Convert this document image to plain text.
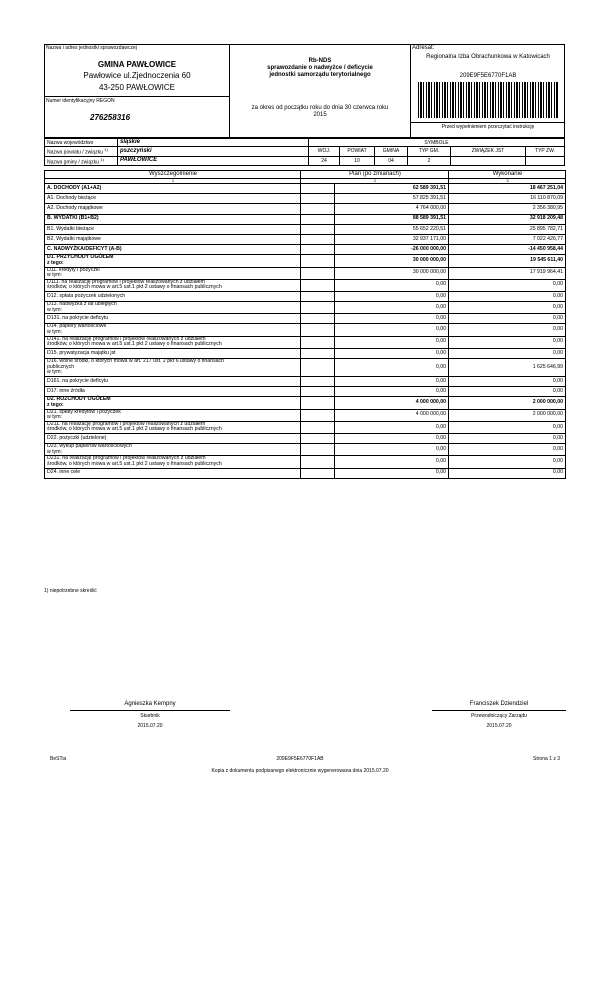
Nazwa i adres jednostki sprawozdawczej
GMINA PAWŁOWICE
Pawłowice ul.Zjednoczenia 60
43-250 PAWŁOWICE
Numer identyfikacyjny REGON
276258316
Rb-NDS
sprawozdanie o nadwyżce / deficycie
jednostki samorządu terytorialnego
za okres od początku roku do dnia 30 czerwca roku
2015
Adresat:
Regionalna Izba Obrachunkowa w Katowicach
209E9F5E6770F1AB
Przed wypełnieniem przeczytać instrukcję
Nazwa województwo	śląskie	SYMBOLE					
Nazwa powiatu / związku $^{1)}$	pszczyński	WOJ.	POWIAT	GMINA	TYP GM.	ZWIĄZEK JST	TYP ZW.
Nazwa gminy / związku $^{1)}$	PAWŁOWICE	24	10	04	2		
Wyszczególnienie	Plan (po zmianach)		Wykonanie
1	2		3

A. DOCHODY (A1+A2)		62 589 391,51	18 467 251,04

A1. Dochody bieżące		57 825 391,51	16 110 870,09

A2. Dochody majątkowe		4 764 000,00	2 356 380,95

B. WYDATKI (B1+B2)		88 589 391,51	32 918 209,48

B1. Wydatki bieżące		55 652 220,51	25 895 782,71

B2. Wydatki majątkowe		32 937 171,00	7 022 426,77

C. NADWYŻKA/DEFICYT (A-B)		-26 000 000,00	-14 450 958,44

D1. PRZYCHODY OGÓŁEM
z tego:		30 000 000,00	19 545 611,40

D11. kredyty i pożyczki
w tym:		30 000 000,00	17 919 964,41

D111. na realizację programów i projektów realizowanych z udziałem
środków, o których mowa w art.5 ust.1 pkt 2 ustawy o finansach publicznych		0,00	0,00

D12. spłata pożyczek udzielonych		0,00	0,00

D13. nadwyżka z lat ubiegłych
w tym:		0,00	0,00

D131. na pokrycie deficytu		0,00	0,00

D14. papiery wartościowe
w tym:		0,00	0,00

D141. na realizację programów i projektów realizowanych z udziałem
środków, o których mowa w art.5 ust.1 pkt 2 ustawy o finansach publicznych		0,00	0,00

D15. prywatyzacja majątku jst		0,00	0,00

D16. wolne środki, o których mowa w art. 217 ust. 2 pkt 6 ustawy o finansach
publicznych
w tym:		0,00	1 625 646,99

D161. na pokrycie deficytu		0,00	0,00

D17. inne źródła		0,00	0,00

D2. ROZCHODY OGÓŁEM
z tego:		4 000 000,00	2 000 000,00

D21. spłaty kredytów i pożyczek
w tym:		4 000 000,00	2 000 000,00

D211. na realizację programów i projektów realizowanych z udziałem
środków, o których mowa w art.5 ust.1 pkt 2 ustawy o finansach publicznych		0,00	0,00

D22. pożyczki (udzielone)		0,00	0,00

D23. wykup papierów wartościowych
w tym:		0,00	0,00

D231. na realizację programów i projektów realizowanych z udziałem
środków, o których mowa w art.5 ust.1 pkt 2 ustawy o finansach publicznych		0,00	0,00

D24. inne cele		0,00	0,00
1) niepotrzebne skreślić
Agnieszka Kempny
Skarbnik
2015.07.20
Franciszek Dziendziel
Przewodniczący Zarządu
2015.07.20
BeSTia	209E9F5E6770F1AB	Strona 1 z 3
Kopia z dokumentu podpisanego elektronicznie wygenerowana dnia 2015.07.20
